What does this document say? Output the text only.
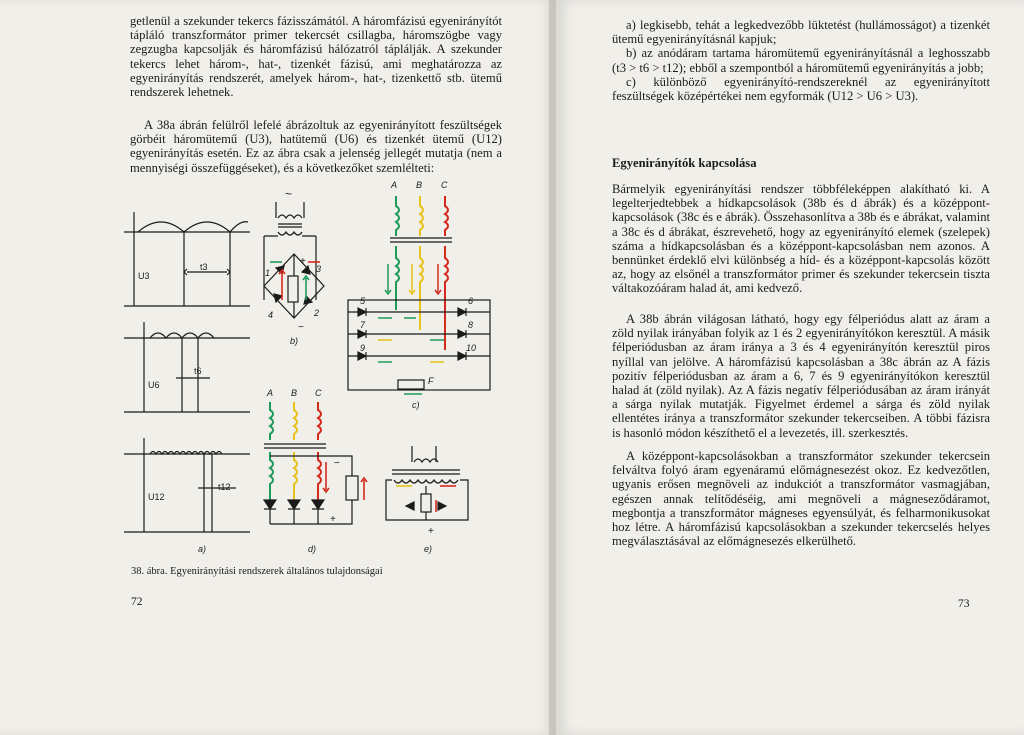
getlenül a szekunder tekercs fázisszámától. A háromfázisú egyenirányítót tápláló transzformátor primer tekercsét csillagba, háromszögbe vagy zegzugba kapcsolják és háromfázisú hálózatról táplálják. A szekunder tekercs lehet három-, hat-, tizenkét fázisú, ami meghatározza az egyenirányítás rendszerét, amelyek három-, hat-, tizenkettő stb. ütemű rendszerek lehetnek.

A 38a ábrán felülről lefelé ábrázoltuk az egyenirányított feszültségek görbéit háromütemű (U3), hatütemű (U6) és tizenkét ütemű (U12) egyenirányítás esetén. Ez az ábra csak a jelenség jellegét mutatja (nem a mennyiségi összefüggéseket), és a következőket szemlélteti:

U3
t3
U6
t6
U12
t12
a)
~
+
−
1
2
3
4
b)
A B C
5	6
7	8
9	10
F
c)
A B C
−
+
d)
+
e)
38. ábra. Egyenirányítási rendszerek általános tulajdonságai
72

a) legkisebb, tehát a legkedvezőbb lüktetést (hullámosságot) a tizenkét ütemű egyenirányításnál kapjuk;

b) az anódáram tartama háromütemű egyenirányításnál a leghosszabb (t3 > t6 > t12); ebből a szempontból a háromütemű egyenirányítás a jobb;

c) különböző egyenirányító-rendszereknél az egyenirányított feszültségek középértékei nem egyformák (U12 > U6 > U3).

Egyenirányítók kapcsolása

Bármelyik egyenirányítási rendszer többféleképpen alakítható ki. A legelterjedtebbek a hídkapcsolások (38b és d ábrák) és a középpont-kapcsolások (38c és e ábrák). Összehasonlítva a 38b és e ábrákat, valamint a 38c és d ábrákat, észrevehető, hogy az egyenirányító elemek (szelepek) száma a hídkapcsolásban és a középpont-kapcsolásban nem azonos. A bennünket érdeklő elvi különbség a híd- és a középpont-kapcsolás között az, hogy az elsőnél a transzformátor primer és szekunder tekercsein tiszta váltakozóáram halad át, ami kedvező.

A 38b ábrán világosan látható, hogy egy félperiódus alatt az áram a zöld nyilak irányában folyik az 1 és 2 egyenirányítókon keresztül. A másik félperiódusban az áram iránya a 3 és 4 egyenirányítón keresztül piros nyíllal van jelölve. A háromfázisú kapcsolásban a 38c ábrán az A fázis pozitív félperiódusban az áram a 6, 7 és 9 egyenirányítókon keresztül halad át (zöld nyilak). Az A fázis negatív félperiódusában az áram irányát a sárga nyilak mutatják. Figyelmet érdemel a sárga és zöld nyilak ellentétes iránya a transzformátor szekunder tekercseiben. A többi fázisra is hasonló módon készíthető el a levezetés, ill. szerkesztés.

A középpont-kapcsolásokban a transzformátor szekunder tekercsein felváltva folyó áram egyenáramú előmágnesezést okoz. Ez kedvezőtlen, ugyanis erősen megnöveli az indukciót a transzformátor vasmagjában, egészen annak telítődéséig, ami megnöveli a mágneseződáramot, megbontja a transzformátor mágneses egyensúlyát, és felharmonikusokat hoz létre. A háromfázisú kapcsolásokban a szekunder tekercselés helyes megválasztásával az előmágnesezés elkerülhető.

73
